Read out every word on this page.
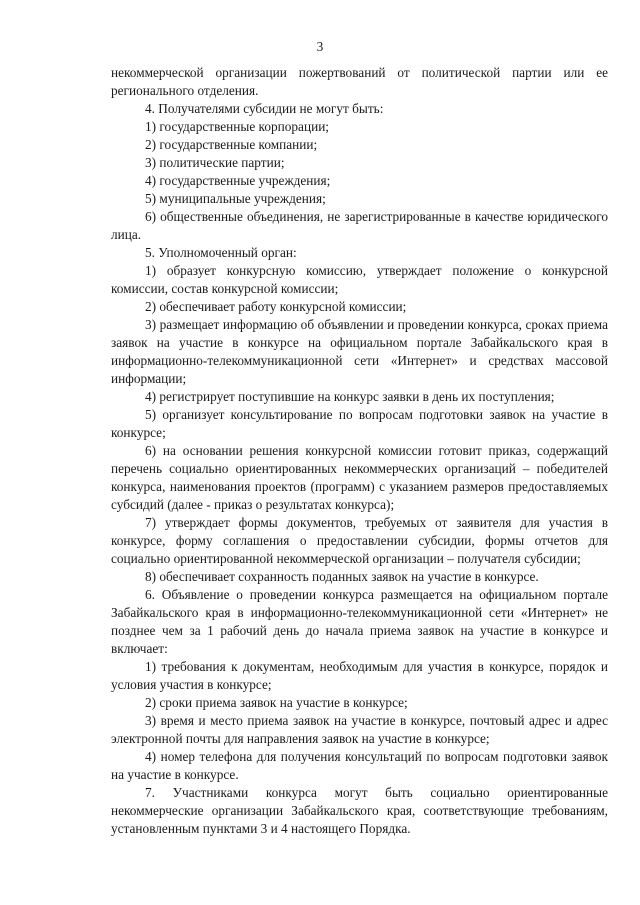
3

некоммерческой организации пожертвований от политической партии или ее регионального отделения.

4. Получателями субсидии не могут быть:

1) государственные корпорации;

2) государственные компании;

3) политические партии;

4) государственные учреждения;

5) муниципальные учреждения;

6) общественные объединения, не зарегистрированные в качестве юридического лица.

5. Уполномоченный орган:

1) образует конкурсную комиссию, утверждает положение о конкурсной комиссии, состав конкурсной комиссии;

2) обеспечивает работу конкурсной комиссии;

3) размещает информацию об объявлении и проведении конкурса, сроках приема заявок на участие в конкурсе на официальном портале Забайкальского края в информационно-телекоммуникационной сети «Интернет» и средствах массовой информации;

4) регистрирует поступившие на конкурс заявки в день их поступления;

5) организует консультирование по вопросам подготовки заявок на участие в конкурсе;

6) на основании решения конкурсной комиссии готовит приказ, содержащий перечень социально ориентированных некоммерческих организаций – победителей конкурса, наименования проектов (программ) с указанием размеров предоставляемых субсидий (далее - приказ о результатах конкурса);

7) утверждает формы документов, требуемых от заявителя для участия в конкурсе, форму соглашения о предоставлении субсидии, формы отчетов для социально ориентированной некоммерческой организации – получателя субсидии;

8) обеспечивает сохранность поданных заявок на участие в конкурсе.

6. Объявление о проведении конкурса размещается на официальном портале Забайкальского края в информационно-телекоммуникационной сети «Интернет» не позднее чем за 1 рабочий день до начала приема заявок на участие в конкурсе и включает:

1) требования к документам, необходимым для участия в конкурсе, порядок и условия участия в конкурсе;

2) сроки приема заявок на участие в конкурсе;

3) время и место приема заявок на участие в конкурсе, почтовый адрес и адрес электронной почты для направления заявок на участие в конкурсе;

4) номер телефона для получения консультаций по вопросам подготовки заявок на участие в конкурсе.

7. Участниками конкурса могут быть социально ориентированные некоммерческие организации Забайкальского края, соответствующие требованиям, установленным пунктами 3 и 4 настоящего Порядка.
